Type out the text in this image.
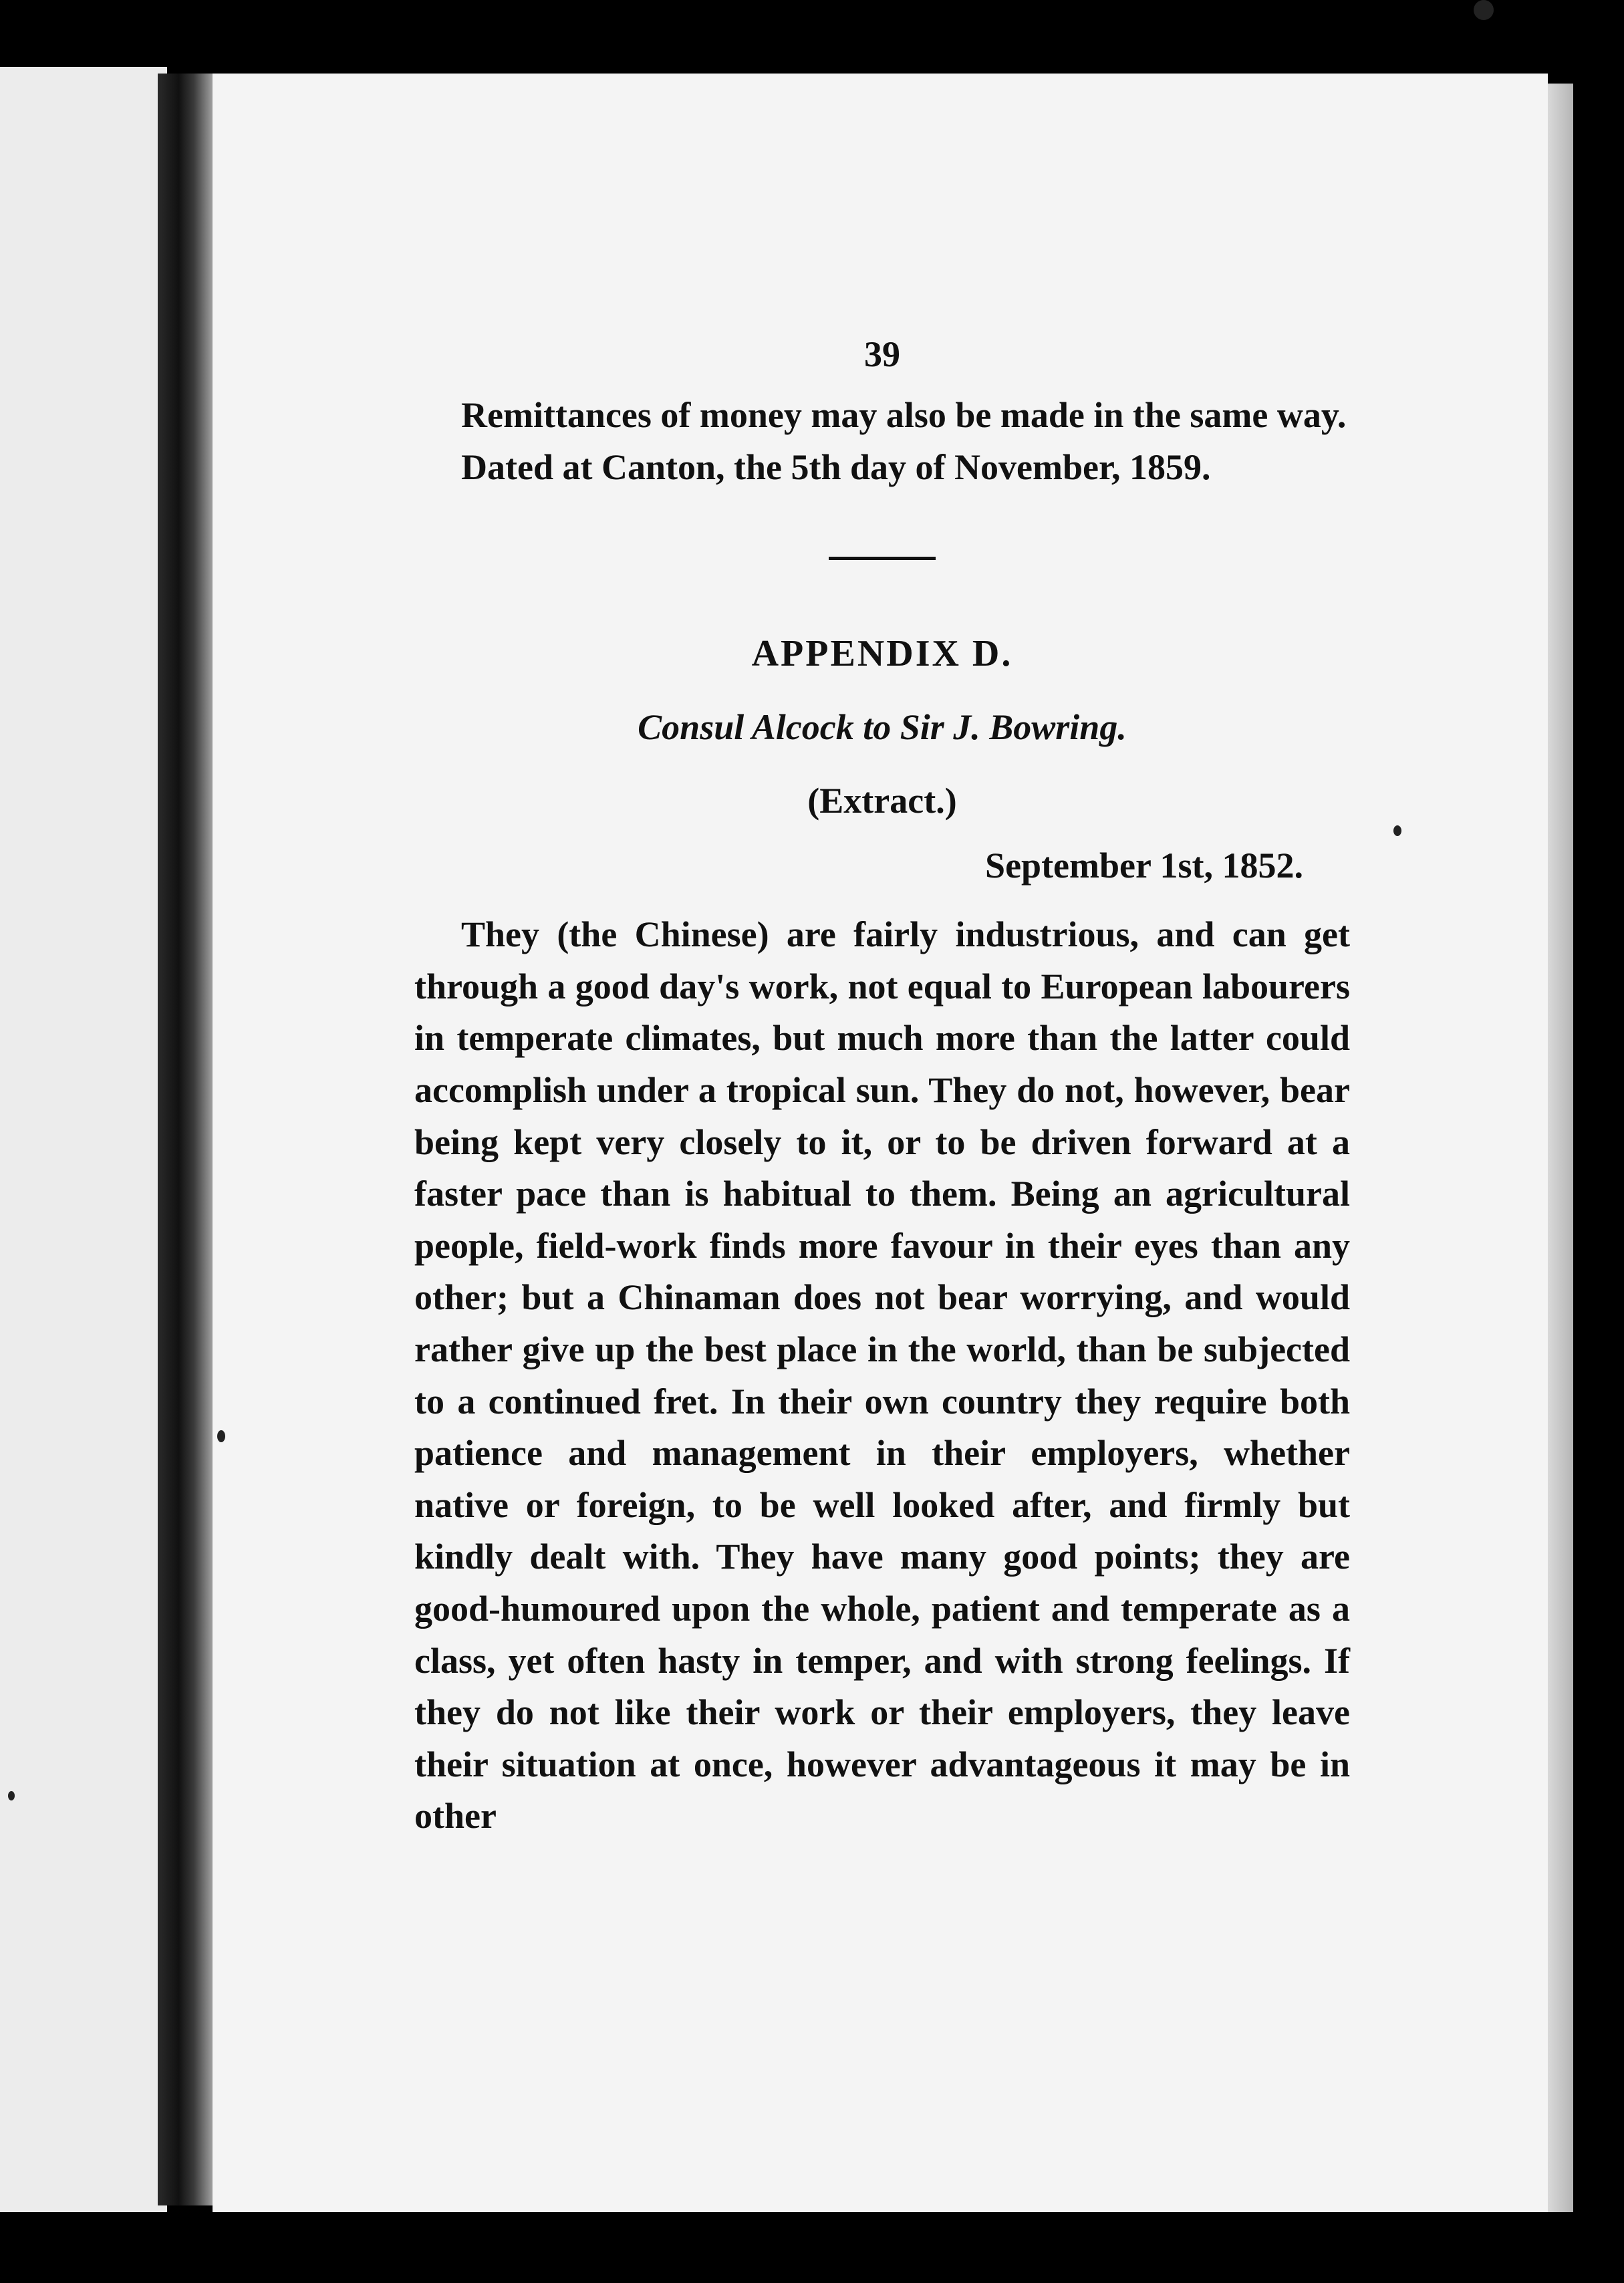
39

Remittances of money may also be made in the same way.

Dated at Canton, the 5th day of November, 1859.

APPENDIX D.
Consul Alcock to Sir J. Bowring.
(Extract.)
September 1st, 1852.

They (the Chinese) are fairly industrious, and can get through a good day's work, not equal to European labourers in temperate climates, but much more than the latter could accomplish under a tropical sun. They do not, however, bear being kept very closely to it, or to be driven forward at a faster pace than is habitual to them. Being an agricultural people, field-work finds more favour in their eyes than any other; but a Chinaman does not bear worrying, and would rather give up the best place in the world, than be subjected to a continued fret. In their own country they require both patience and management in their employers, whether native or foreign, to be well looked after, and firmly but kindly dealt with. They have many good points; they are good-humoured upon the whole, patient and temperate as a class, yet often hasty in temper, and with strong feelings. If they do not like their work or their employers, they leave their situation at once, however advantageous it may be in other
